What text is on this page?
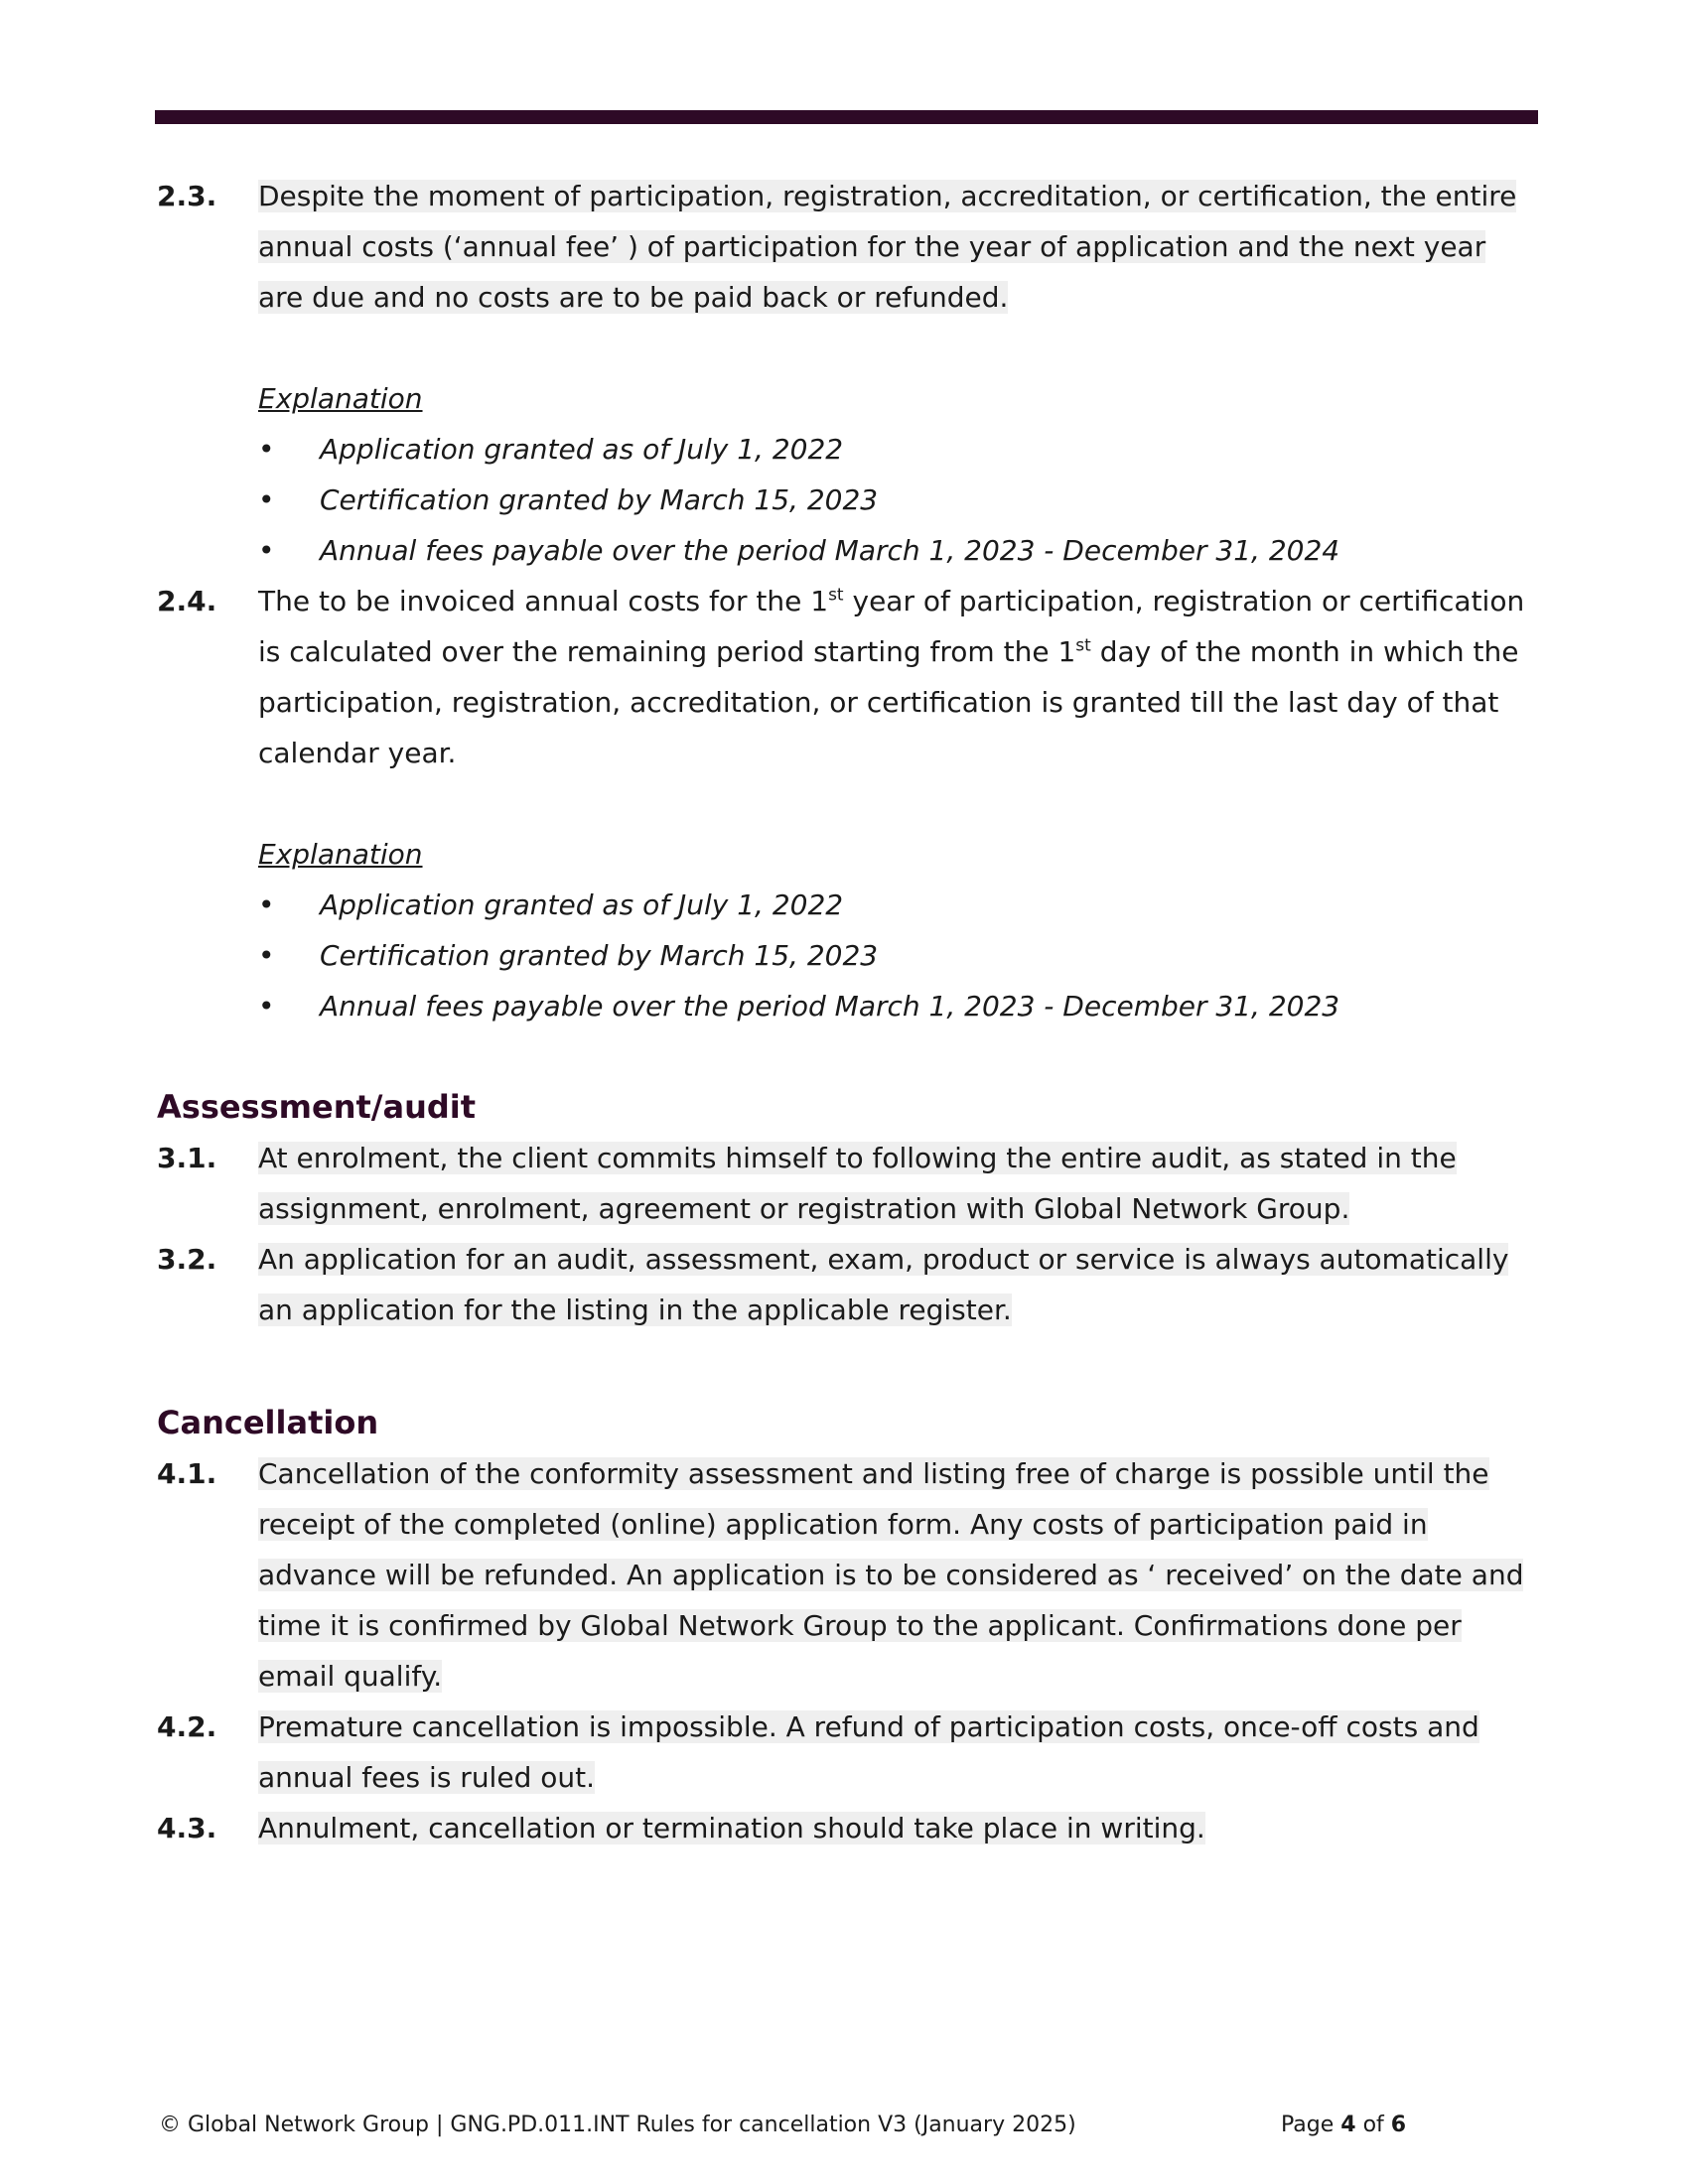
2.3.	Despite the moment of participation, registration, accreditation, or certification, the entire annual costs (‘annual fee’ ) of participation for the year of application and the next year are due and no costs are to be paid back or refunded.
Explanation
•	Application granted as of July 1, 2022
•	Certification granted by March 15, 2023
•	Annual fees payable over the period March 1, 2023 - December 31, 2024
2.4.	The to be invoiced annual costs for the 1st year of participation, registration or certification is calculated over the remaining period starting from the 1st day of the month in which the participation, registration, accreditation, or certification is granted till the last day of that calendar year.
Explanation
•	Application granted as of July 1, 2022
•	Certification granted by March 15, 2023
•	Annual fees payable over the period March 1, 2023 - December 31, 2023
Assessment/audit
3.1.	At enrolment, the client commits himself to following the entire audit, as stated in the assignment, enrolment, agreement or registration with Global Network Group.
3.2.	An application for an audit, assessment, exam, product or service is always automatically an application for the listing in the applicable register.
Cancellation
4.1.	Cancellation of the conformity assessment and listing free of charge is possible until the receipt of the completed (online) application form. Any costs of participation paid in advance will be refunded. An application is to be considered as ‘ received’ on the date and time it is confirmed by Global Network Group to the applicant. Confirmations done per email qualify.
4.2.	Premature cancellation is impossible. A refund of participation costs, once-off costs and annual fees is ruled out.
4.3.	Annulment, cancellation or termination should take place in writing.
© Global Network Group | GNG.PD.011.INT Rules for cancellation V3 (January 2025)	Page 4 of 6
